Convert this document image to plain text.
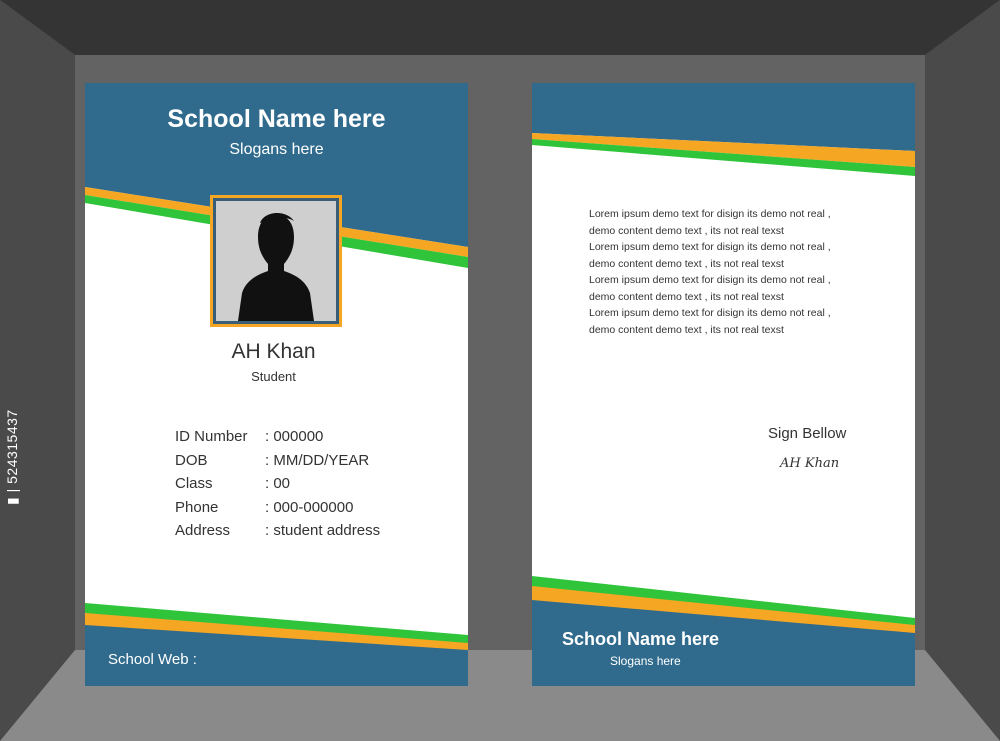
School Name here

Slogans here

AH Khan

Student

ID Number	: 000000
DOB	: MM/DD/YEAR
Class	: 00
Phone	: 000-000000
Address	: student address

School Web :

Lorem ipsum demo text for disign its demo not real ,
demo content demo text , its not real texst
Lorem ipsum demo text for disign its demo not real ,
demo content demo text , its not real texst
Lorem ipsum demo text for disign its demo not real ,
demo content demo text , its not real texst
Lorem ipsum demo text for disign its demo not real ,
demo content demo text , its not real texst

Sign Bellow

AH Khan

School Name here

Slogans here

▮ | 524315437
